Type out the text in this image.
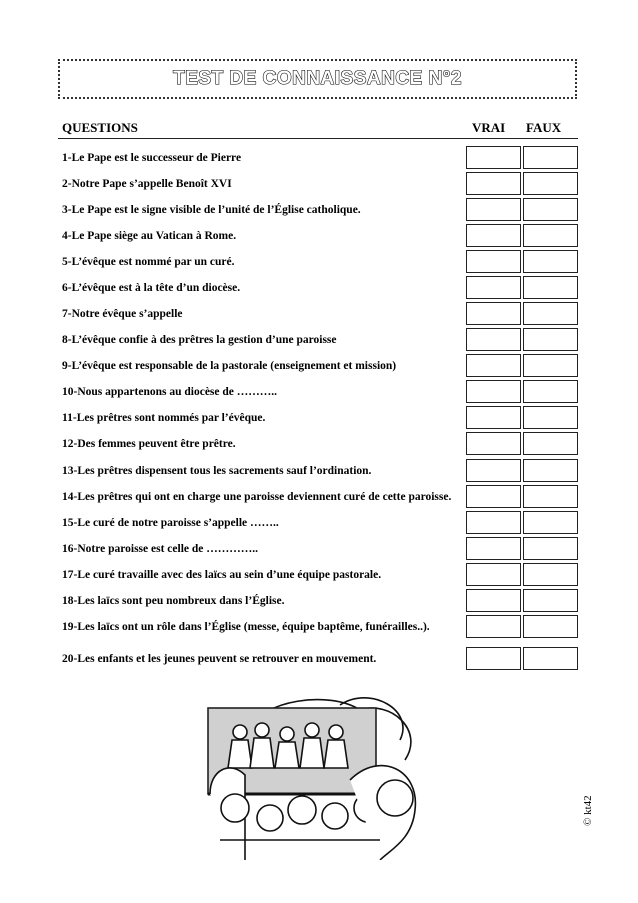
TEST DE CONNAISSANCE N°2
QUESTIONS	VRAI FAUX
1-Le Pape est le successeur de Pierre
2-Notre Pape s’appelle Benoît XVI
3-Le Pape est le signe visible de l’unité de l’Église catholique.
4-Le Pape siège au Vatican à Rome.
5-L’évêque est nommé par un curé.
6-L’évêque est à la tête d’un diocèse.
7-Notre évêque s’appelle
8-L’évêque confie à des prêtres la gestion d’une paroisse
9-L’évêque est responsable de la pastorale (enseignement et mission)
10-Nous appartenons au diocèse de ………..
11-Les prêtres sont nommés par l’évêque.
12-Des femmes peuvent être prêtre.
13-Les prêtres dispensent tous les sacrements sauf l’ordination.
14-Les prêtres qui ont en charge une paroisse deviennent curé de cette paroisse.
15-Le curé de notre paroisse s’appelle ……..
16-Notre paroisse est celle de …………..
17-Le curé travaille avec des laïcs au sein d’une équipe pastorale.
18-Les laïcs sont peu nombreux dans l’Église.
19-Les laïcs ont un rôle dans l’Église (messe, équipe baptême, funérailles..).
20-Les enfants et les jeunes peuvent se retrouver en mouvement.
© kt42
